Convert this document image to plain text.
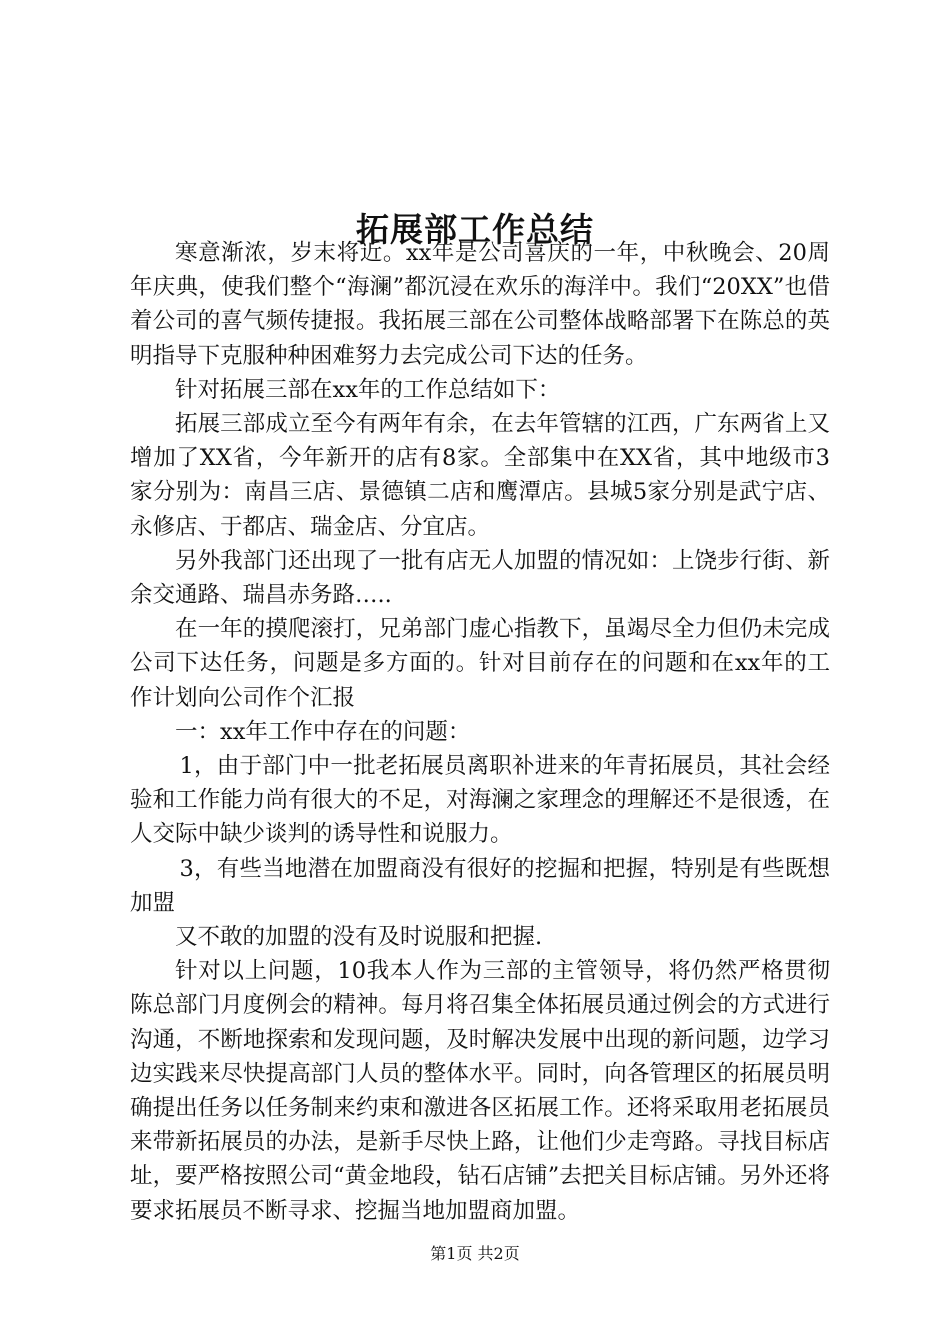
拓展部工作总结

寒意渐浓，岁末将近。xx年是公司喜庆的一年，中秋晚会、20周年庆典，使我们整个“海澜”都沉浸在欢乐的海洋中。我们“20XX”也借着公司的喜气频传捷报。我拓展三部在公司整体战略部署下在陈总的英明指导下克服种种困难努力去完成公司下达的任务。

针对拓展三部在xx年的工作总结如下：

拓展三部成立至今有两年有余，在去年管辖的江西，广东两省上又增加了XX省，今年新开的店有8家。全部集中在XX省，其中地级市3家分别为：南昌三店、景德镇二店和鹰潭店。县城5家分别是武宁店、永修店、于都店、瑞金店、分宜店。

另外我部门还出现了一批有店无人加盟的情况如：上饶步行街、新余交通路、瑞昌赤务路…..

在一年的摸爬滚打，兄弟部门虚心指教下，虽竭尽全力但仍未完成公司下达任务，问题是多方面的。针对目前存在的问题和在xx年的工作计划向公司作个汇报

一：xx年工作中存在的问题：

1，由于部门中一批老拓展员离职补进来的年青拓展员，其社会经验和工作能力尚有很大的不足，对海澜之家理念的理解还不是很透，在人交际中缺少谈判的诱导性和说服力。

3，有些当地潜在加盟商没有很好的挖掘和把握，特别是有些既想加盟

又不敢的加盟的没有及时说服和把握.

针对以上问题，10我本人作为三部的主管领导，将仍然严格贯彻陈总部门月度例会的精神。每月将召集全体拓展员通过例会的方式进行沟通，不断地探索和发现问题，及时解决发展中出现的新问题，边学习边实践来尽快提高部门人员的整体水平。同时，向各管理区的拓展员明确提出任务以任务制来约束和激进各区拓展工作。还将采取用老拓展员来带新拓展员的办法，是新手尽快上路，让他们少走弯路。寻找目标店址，要严格按照公司“黄金地段，钻石店铺”去把关目标店铺。另外还将要求拓展员不断寻求、挖掘当地加盟商加盟。

第1页 共2页
